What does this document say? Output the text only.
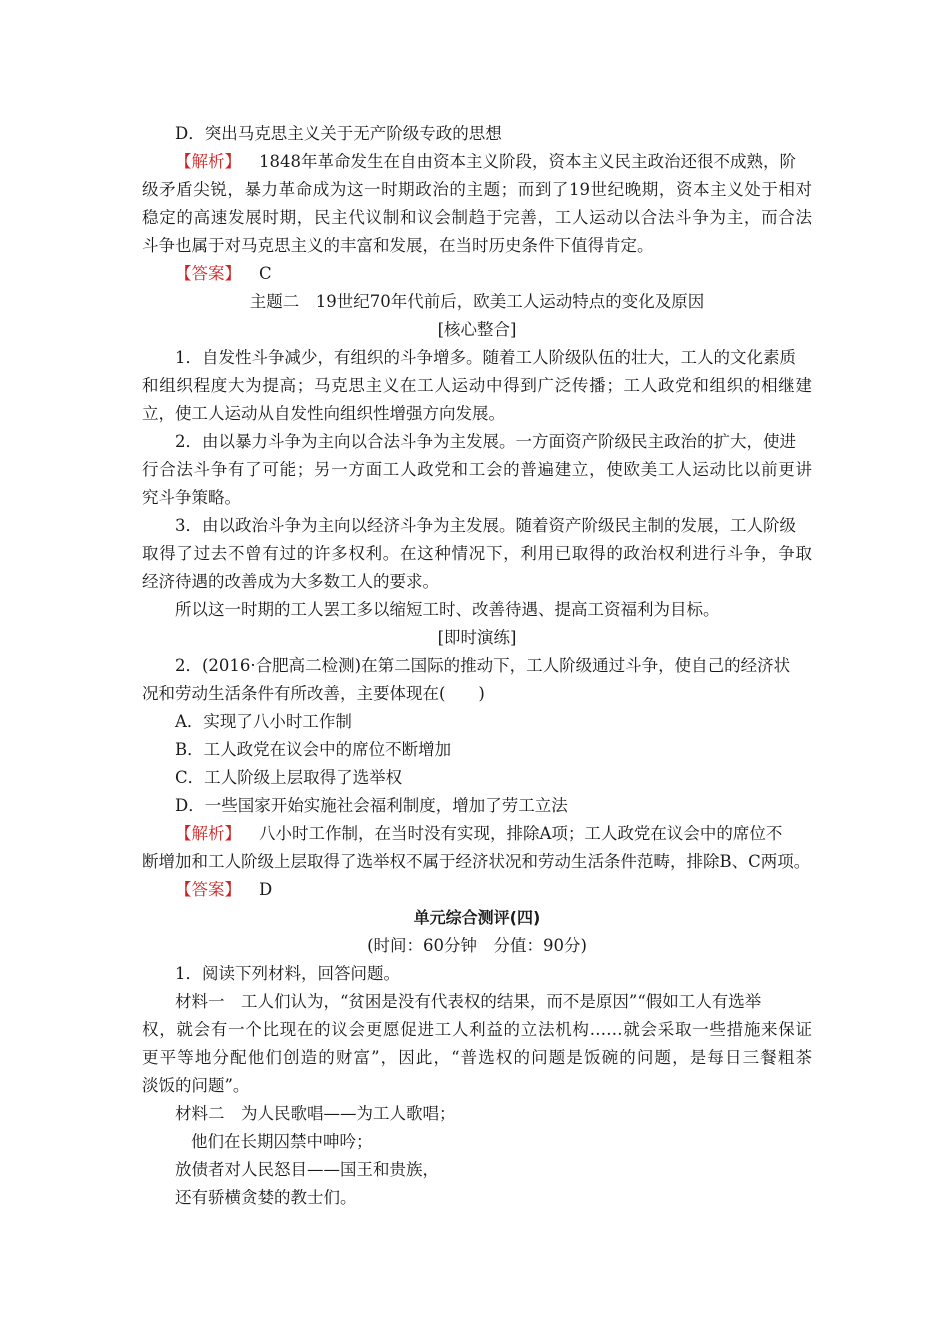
D．突出马克思主义关于无产阶级专政的思想
【解析】 1848年革命发生在自由资本主义阶段，资本主义民主政治还很不成熟，阶
级矛盾尖锐，暴力革命成为这一时期政治的主题；而到了19世纪晚期，资本主义处于相对
稳定的高速发展时期，民主代议制和议会制趋于完善，工人运动以合法斗争为主，而合法
斗争也属于对马克思主义的丰富和发展，在当时历史条件下值得肯定。
【答案】 C
主题二　19世纪70年代前后，欧美工人运动特点的变化及原因
[核心整合]
1．自发性斗争减少，有组织的斗争增多。随着工人阶级队伍的壮大，工人的文化素质
和组织程度大为提高；马克思主义在工人运动中得到广泛传播；工人政党和组织的相继建
立，使工人运动从自发性向组织性增强方向发展。
2．由以暴力斗争为主向以合法斗争为主发展。一方面资产阶级民主政治的扩大，使进
行合法斗争有了可能；另一方面工人政党和工会的普遍建立，使欧美工人运动比以前更讲
究斗争策略。
3．由以政治斗争为主向以经济斗争为主发展。随着资产阶级民主制的发展，工人阶级
取得了过去不曾有过的许多权利。在这种情况下，利用已取得的政治权利进行斗争，争取
经济待遇的改善成为大多数工人的要求。
所以这一时期的工人罢工多以缩短工时、改善待遇、提高工资福利为目标。
[即时演练]
2．(2016·合肥高二检测)在第二国际的推动下，工人阶级通过斗争，使自己的经济状
况和劳动生活条件有所改善，主要体现在(　　)
A．实现了八小时工作制
B．工人政党在议会中的席位不断增加
C．工人阶级上层取得了选举权
D．一些国家开始实施社会福利制度，增加了劳工立法
【解析】 八小时工作制，在当时没有实现，排除A项；工人政党在议会中的席位不
断增加和工人阶级上层取得了选举权不属于经济状况和劳动生活条件范畴，排除B、C两项。
【答案】 D
单元综合测评(四)
(时间：60分钟　分值：90分)
1．阅读下列材料，回答问题。
材料一　工人们认为，“贫困是没有代表权的结果，而不是原因”“假如工人有选举
权，就会有一个比现在的议会更愿促进工人利益的立法机构……就会采取一些措施来保证
更平等地分配他们创造的财富”，因此，“普选权的问题是饭碗的问题，是每日三餐粗茶
淡饭的问题”。
材料二　为人民歌唱——为工人歌唱；
他们在长期囚禁中呻吟；
放债者对人民怒目——国王和贵族，
还有骄横贪婪的教士们。
